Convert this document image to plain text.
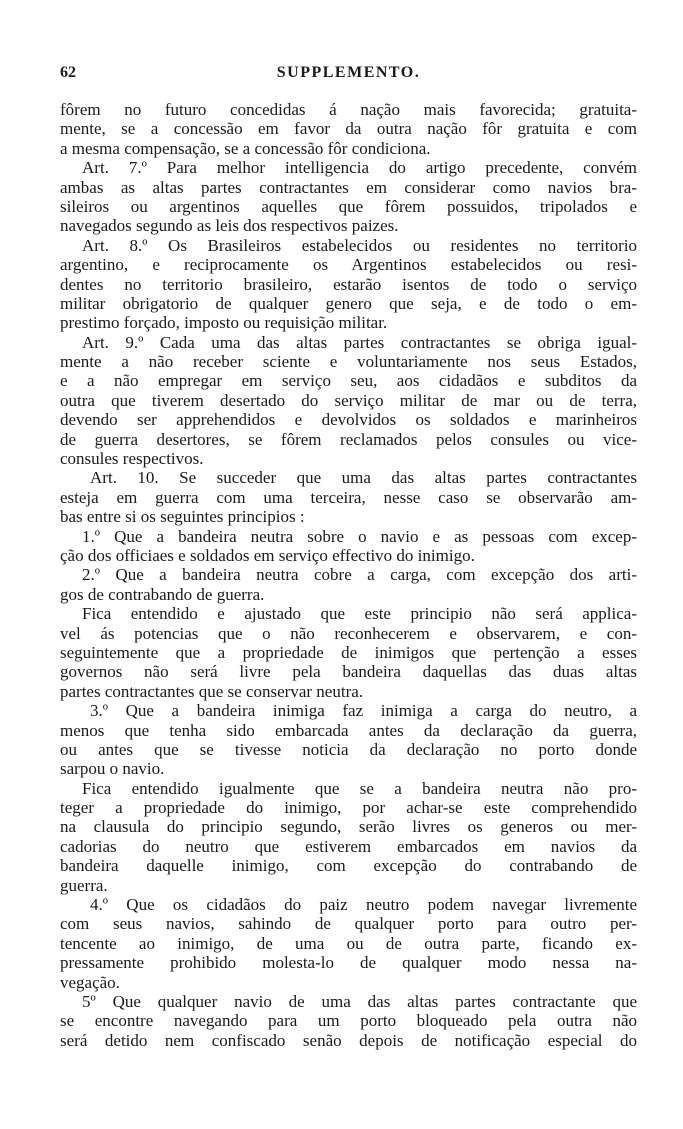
62	SUPPLEMENTO.
fôrem no futuro concedidas á nação mais favorecida; gratuita-
mente, se a concessão em favor da outra nação fôr gratuita e com
a mesma compensação, se a concessão fôr condiciona.
Art. 7.º Para melhor intelligencia do artigo precedente, convém
ambas as altas partes contractantes em considerar como navios bra-
sileiros ou argentinos aquelles que fôrem possuidos, tripolados e
navegados segundo as leis dos respectivos paizes.
Art. 8.º Os Brasileiros estabelecidos ou residentes no territorio
argentino, e reciprocamente os Argentinos estabelecidos ou resi-
dentes no territorio brasileiro, estarão isentos de todo o serviço
militar obrigatorio de qualquer genero que seja, e de todo o em-
prestimo forçado, imposto ou requisição militar.
Art. 9.º Cada uma das altas partes contractantes se obriga igual-
mente a não receber sciente e voluntariamente nos seus Estados,
e a não empregar em serviço seu, aos cidadãos e subditos da
outra que tiverem desertado do serviço militar de mar ou de terra,
devendo ser apprehendidos e devolvidos os soldados e marinheiros
de guerra desertores, se fôrem reclamados pelos consules ou vice-
consules respectivos.
Art. 10. Se succeder que uma das altas partes contractantes
esteja em guerra com uma terceira, nesse caso se observarão am-
bas entre si os seguintes principios :
1.º Que a bandeira neutra sobre o navio e as pessoas com excep-
ção dos officiaes e soldados em serviço effectivo do inimigo.
2.º Que a bandeira neutra cobre a carga, com excepção dos arti-
gos de contrabando de guerra.
Fica entendido e ajustado que este principio não será applica-
vel ás potencias que o não reconhecerem e observarem, e con-
seguintemente que a propriedade de inimigos que pertenção a esses
governos não será livre pela bandeira daquellas das duas altas
partes contractantes que se conservar neutra.
3.º Que a bandeira inimiga faz inimiga a carga do neutro, a
menos que tenha sido embarcada antes da declaração da guerra,
ou antes que se tivesse noticia da declaração no porto donde
sarpou o navio.
Fica entendido igualmente que se a bandeira neutra não pro-
teger a propriedade do inimigo, por achar-se este comprehendido
na clausula do principio segundo, serão livres os generos ou mer-
cadorias do neutro que estiverem embarcados em navios da
bandeira daquelle inimigo, com excepção do contrabando de
guerra.
4.º Que os cidadãos do paiz neutro podem navegar livremente
com seus navios, sahindo de qualquer porto para outro per-
tencente ao inimigo, de uma ou de outra parte, ficando ex-
pressamente prohibido molesta-lo de qualquer modo nessa na-
vegação.
5º Que qualquer navio de uma das altas partes contractante que
se encontre navegando para um porto bloqueado pela outra não
será detido nem confiscado senão depois de notificação especial do
